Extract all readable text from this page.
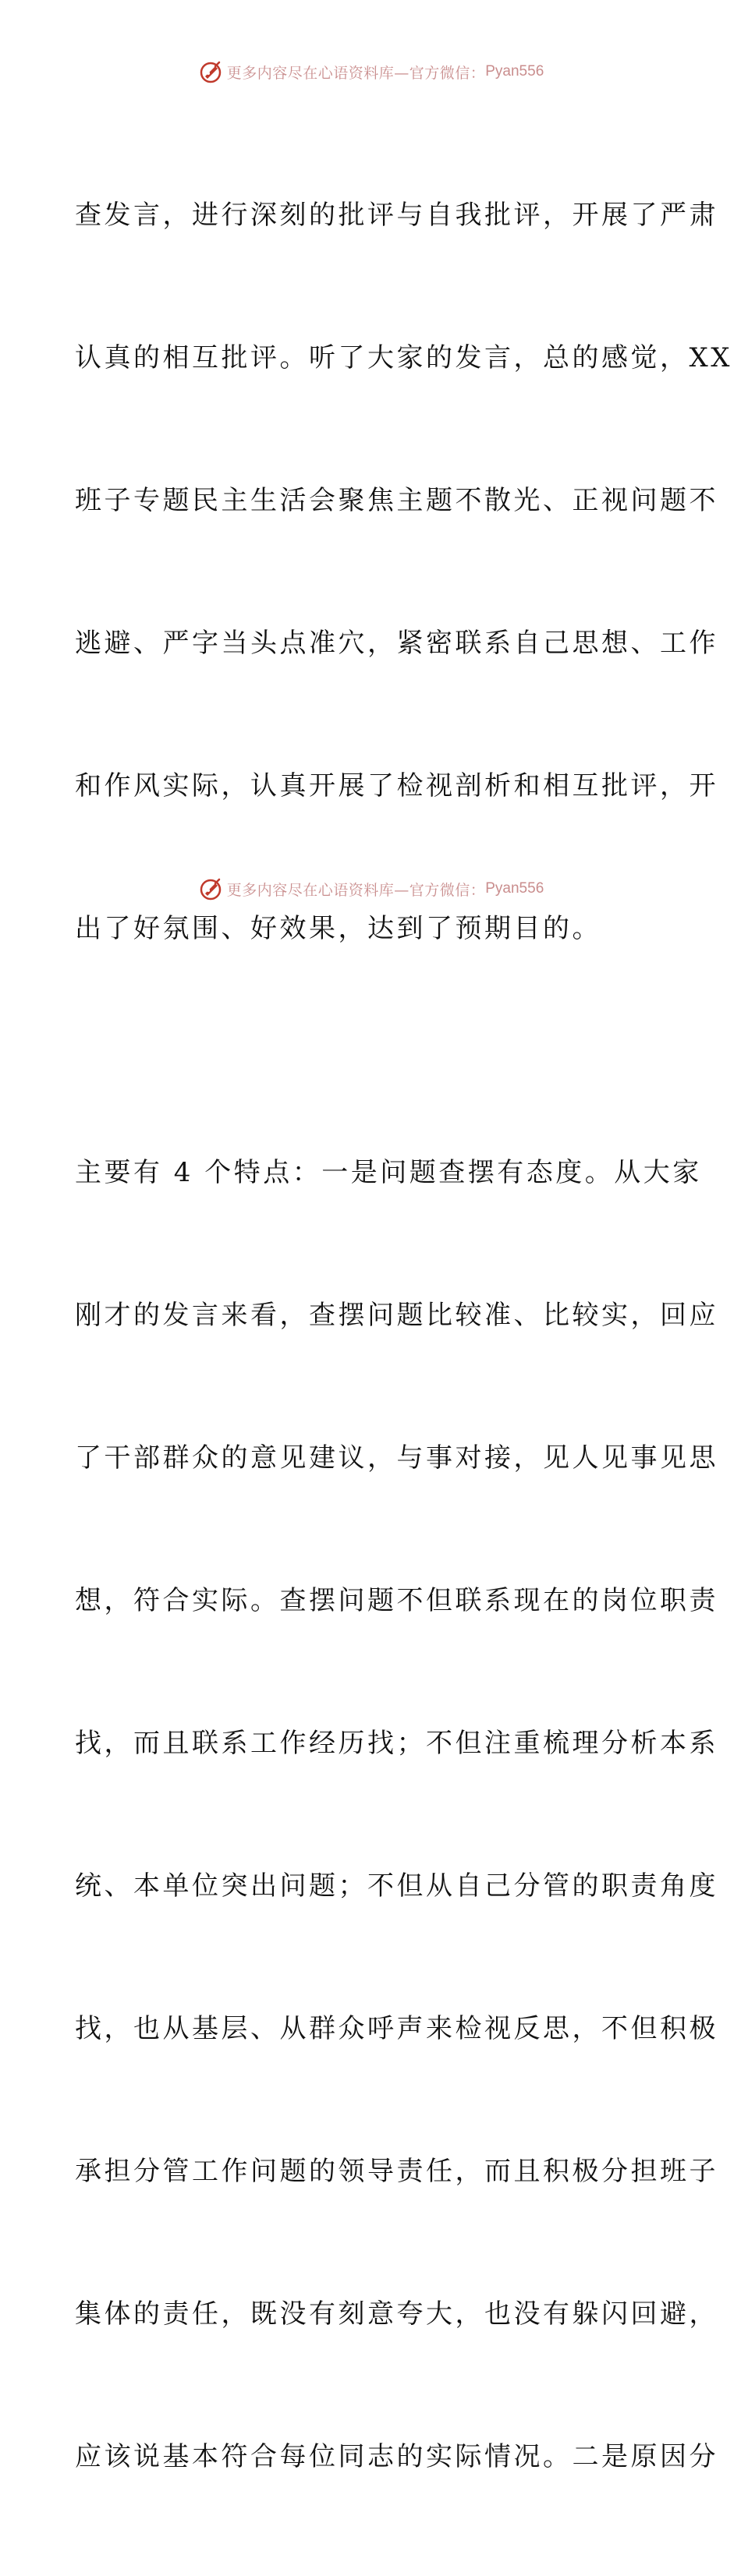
更多内容尽在心语资料库—官方微信： Pyan556

查发言，进行深刻的批评与自我批评，开展了严肃

认真的相互批评。听了大家的发言，总的感觉，XX

班子专题民主生活会聚焦主题不散光、正视问题不

逃避、严字当头点准穴，紧密联系自己思想、工作

和作风实际，认真开展了检视剖析和相互批评，开

出了好氛围、好效果，达到了预期目的。

主要有 4 个特点：一是问题查摆有态度。从大家

刚才的发言来看，查摆问题比较准、比较实，回应

了干部群众的意见建议，与事对接，见人见事见思

想，符合实际。查摆问题不但联系现在的岗位职责

找，而且联系工作经历找；不但注重梳理分析本系

统、本单位突出问题；不但从自己分管的职责角度

找，也从基层、从群众呼声来检视反思，不但积极

承担分管工作问题的领导责任，而且积极分担班子

集体的责任，既没有刻意夸大，也没有躲闪回避，

应该说基本符合每位同志的实际情况。二是原因分

更多内容尽在心语资料库—官方微信： Pyan556
